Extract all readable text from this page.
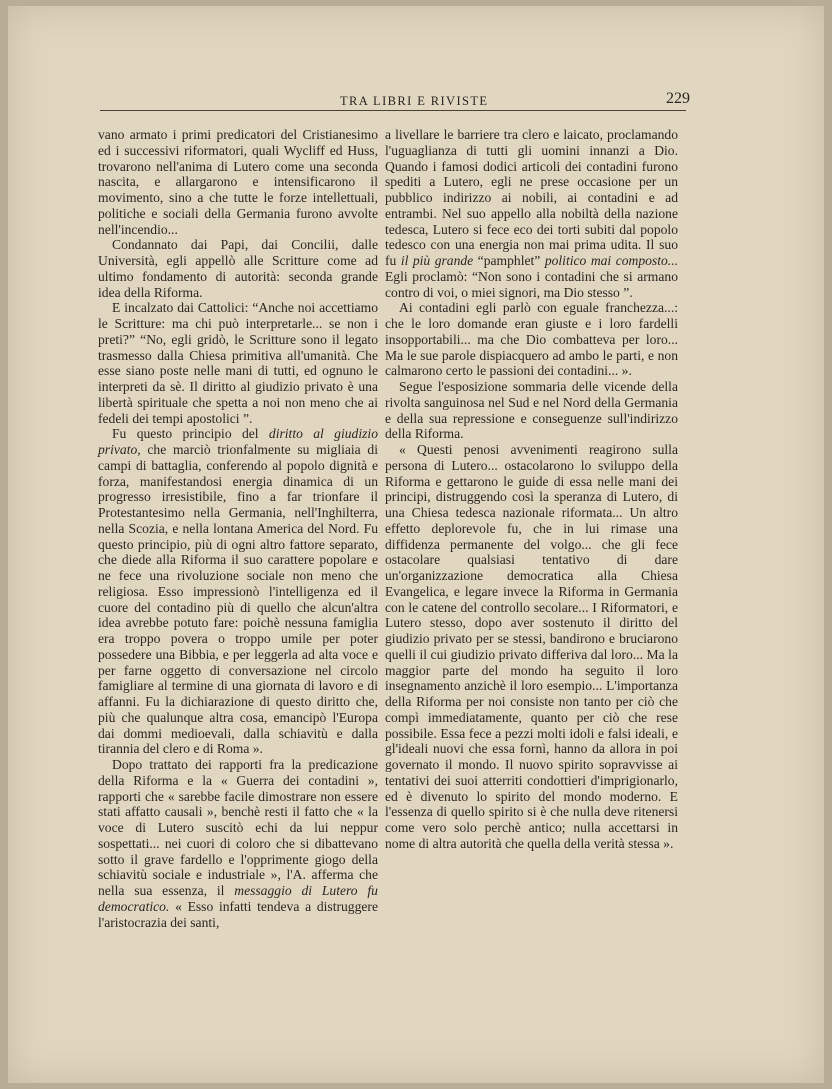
TRA LIBRI E RIVISTE	229

vano armato i primi predicatori del Cristianesimo ed i successivi riformatori, quali Wycliff ed Huss, trovarono nell'anima di Lutero come una seconda nascita, e allargarono e intensificarono il movimento, sino a che tutte le forze intellettuali, politiche e sociali della Germania furono avvolte nell'incendio...

Condannato dai Papi, dai Concilii, dalle Università, egli appellò alle Scritture come ad ultimo fondamento di autorità: seconda grande idea della Riforma.

E incalzato dai Cattolici: “Anche noi accettiamo le Scritture: ma chi può interpretarle... se non i preti?” “No, egli gridò, le Scritture sono il legato trasmesso dalla Chiesa primitiva all'umanità. Che esse siano poste nelle mani di tutti, ed ognuno le interpreti da sè. Il diritto al giudizio privato è una libertà spirituale che spetta a noi non meno che ai fedeli dei tempi apostolici ”.

Fu questo principio del diritto al giudizio privato, che marciò trionfalmente su migliaia di campi di battaglia, conferendo al popolo dignità e forza, manifestandosi energia dinamica di un progresso irresistibile, fino a far trionfare il Protestantesimo nella Germania, nell'Inghilterra, nella Scozia, e nella lontana America del Nord. Fu questo principio, più di ogni altro fattore separato, che diede alla Riforma il suo carattere popolare e ne fece una rivoluzione sociale non meno che religiosa. Esso impressionò l'intelligenza ed il cuore del contadino più di quello che alcun'altra idea avrebbe potuto fare: poichè nessuna famiglia era troppo povera o troppo umile per poter possedere una Bibbia, e per leggerla ad alta voce e per farne oggetto di conversazione nel circolo famigliare al termine di una giornata di lavoro e di affanni. Fu la dichiarazione di questo diritto che, più che qualunque altra cosa, emancipò l'Europa dai dommi medioevali, dalla schiavitù e dalla tirannia del clero e di Roma ».

Dopo trattato dei rapporti fra la predicazione della Riforma e la « Guerra dei contadini », rapporti che « sarebbe facile dimostrare non essere stati affatto causali », benchè resti il fatto che « la voce di Lutero suscitò echi da lui neppur sospettati... nei cuori di coloro che si dibattevano sotto il grave fardello e l'opprimente giogo della schiavitù sociale e industriale », l'A. afferma che nella sua essenza, il messaggio di Lutero fu democratico. « Esso infatti tendeva a distruggere l'aristocrazia dei santi,

a livellare le barriere tra clero e laicato, proclamando l'uguaglianza di tutti gli uomini innanzi a Dio. Quando i famosi dodici articoli dei contadini furono spediti a Lutero, egli ne prese occasione per un pubblico indirizzo ai nobili, ai contadini e ad entrambi. Nel suo appello alla nobiltà della nazione tedesca, Lutero si fece eco dei torti subiti dal popolo tedesco con una energia non mai prima udita. Il suo fu il più grande “pamphlet” politico mai composto... Egli proclamò: “Non sono i contadini che si armano contro di voi, o miei signori, ma Dio stesso ”.

Ai contadini egli parlò con eguale franchezza...: che le loro domande eran giuste e i loro fardelli insopportabili... ma che Dio combatteva per loro... Ma le sue parole dispiacquero ad ambo le parti, e non calmarono certo le passioni dei contadini... ».

Segue l'esposizione sommaria delle vicende della rivolta sanguinosa nel Sud e nel Nord della Germania e della sua repressione e conseguenze sull'indirizzo della Riforma.

« Questi penosi avvenimenti reagirono sulla persona di Lutero... ostacolarono lo sviluppo della Riforma e gettarono le guide di essa nelle mani dei principi, distruggendo così la speranza di Lutero, di una Chiesa tedesca nazionale riformata... Un altro effetto deplorevole fu, che in lui rimase una diffidenza permanente del volgo... che gli fece ostacolare qualsiasi tentativo di dare un'organizzazione democratica alla Chiesa Evangelica, e legare invece la Riforma in Germania con le catene del controllo secolare... I Riformatori, e Lutero stesso, dopo aver sostenuto il diritto del giudizio privato per se stessi, bandirono e bruciarono quelli il cui giudizio privato differiva dal loro... Ma la maggior parte del mondo ha seguito il loro insegnamento anzichè il loro esempio... L'importanza della Riforma per noi consiste non tanto per ciò che compì immediatamente, quanto per ciò che rese possibile. Essa fece a pezzi molti idoli e falsi ideali, e gl'ideali nuovi che essa fornì, hanno da allora in poi governato il mondo. Il nuovo spirito sopravvisse ai tentativi dei suoi atterriti condottieri d'imprigionarlo, ed è divenuto lo spirito del mondo moderno. E l'essenza di quello spirito si è che nulla deve ritenersi come vero solo perchè antico; nulla accettarsi in nome di altra autorità che quella della verità stessa ».
